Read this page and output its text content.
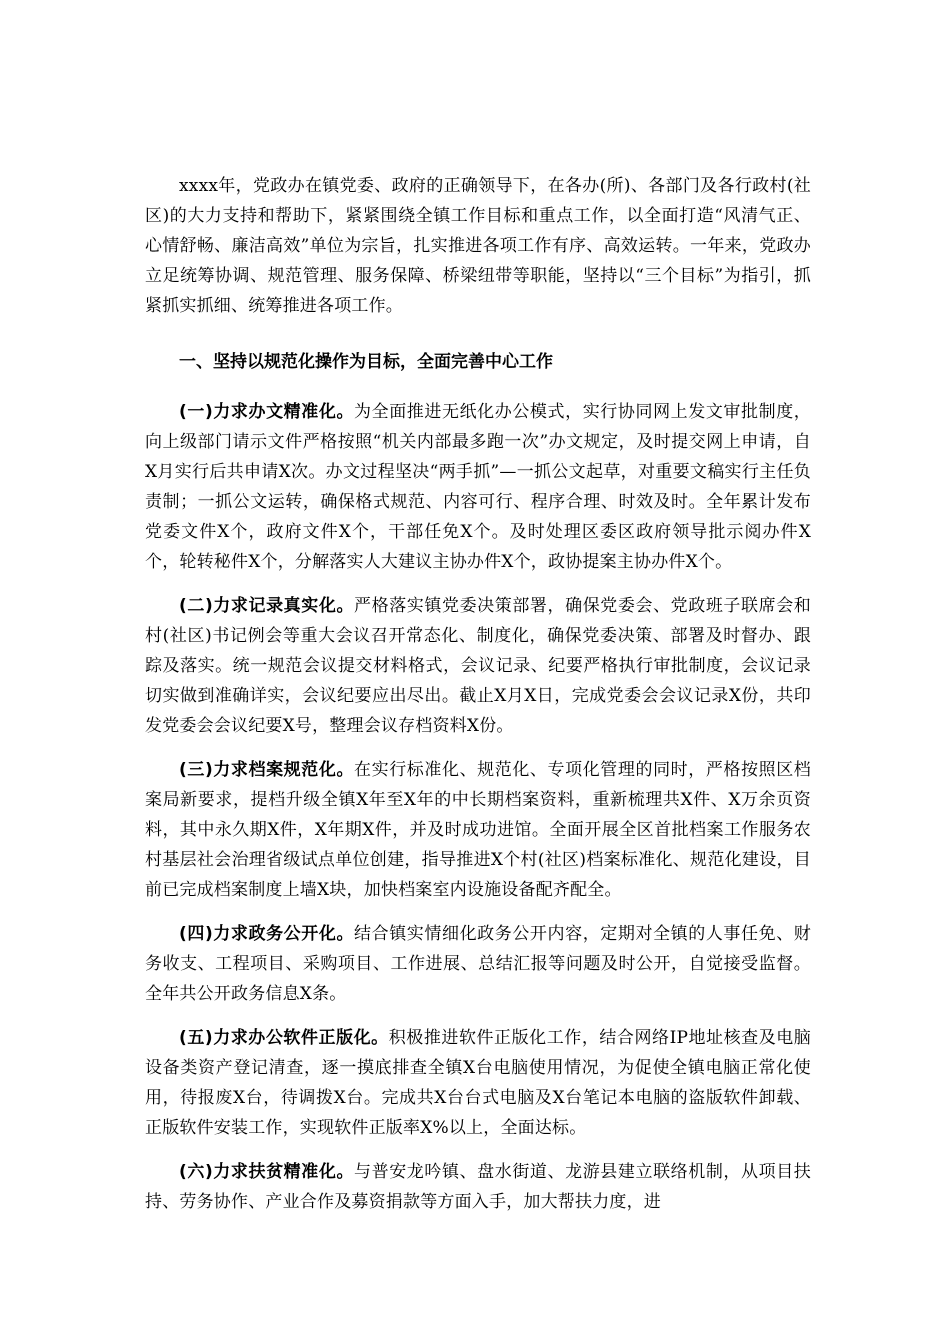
xxxx年，党政办在镇党委、政府的正确领导下，在各办(所)、各部门及各行政村(社区)的大力支持和帮助下，紧紧围绕全镇工作目标和重点工作，以全面打造“风清气正、心情舒畅、廉洁高效”单位为宗旨，扎实推进各项工作有序、高效运转。一年来，党政办立足统筹协调、规范管理、服务保障、桥梁纽带等职能，坚持以“三个目标”为指引，抓紧抓实抓细、统筹推进各项工作。

一、坚持以规范化操作为目标，全面完善中心工作

(一)力求办文精准化。为全面推进无纸化办公模式，实行协同网上发文审批制度，向上级部门请示文件严格按照“机关内部最多跑一次”办文规定，及时提交网上申请，自X月实行后共申请X次。办文过程坚决“两手抓”—一抓公文起草，对重要文稿实行主任负责制；一抓公文运转，确保格式规范、内容可行、程序合理、时效及时。全年累计发布党委文件X个，政府文件X个，干部任免X个。及时处理区委区政府领导批示阅办件X个，轮转秘件X个，分解落实人大建议主协办件X个，政协提案主协办件X个。

(二)力求记录真实化。严格落实镇党委决策部署，确保党委会、党政班子联席会和村(社区)书记例会等重大会议召开常态化、制度化，确保党委决策、部署及时督办、跟踪及落实。统一规范会议提交材料格式，会议记录、纪要严格执行审批制度，会议记录切实做到准确详实，会议纪要应出尽出。截止X月X日，完成党委会会议记录X份，共印发党委会会议纪要X号，整理会议存档资料X份。

(三)力求档案规范化。在实行标准化、规范化、专项化管理的同时，严格按照区档案局新要求，提档升级全镇X年至X年的中长期档案资料，重新梳理共X件、X万余页资料，其中永久期X件，X年期X件，并及时成功进馆。全面开展全区首批档案工作服务农村基层社会治理省级试点单位创建，指导推进X个村(社区)档案标准化、规范化建设，目前已完成档案制度上墙X块，加快档案室内设施设备配齐配全。

(四)力求政务公开化。结合镇实情细化政务公开内容，定期对全镇的人事任免、财务收支、工程项目、采购项目、工作进展、总结汇报等问题及时公开，自觉接受监督。全年共公开政务信息X条。

(五)力求办公软件正版化。积极推进软件正版化工作，结合网络IP地址核查及电脑设备类资产登记清查，逐一摸底排查全镇X台电脑使用情况，为促使全镇电脑正常化使用，待报废X台，待调拨X台。完成共X台台式电脑及X台笔记本电脑的盗版软件卸载、正版软件安装工作，实现软件正版率X%以上，全面达标。

(六)力求扶贫精准化。与普安龙吟镇、盘水街道、龙游县建立联络机制，从项目扶持、劳务协作、产业合作及募资捐款等方面入手，加大帮扶力度，进
